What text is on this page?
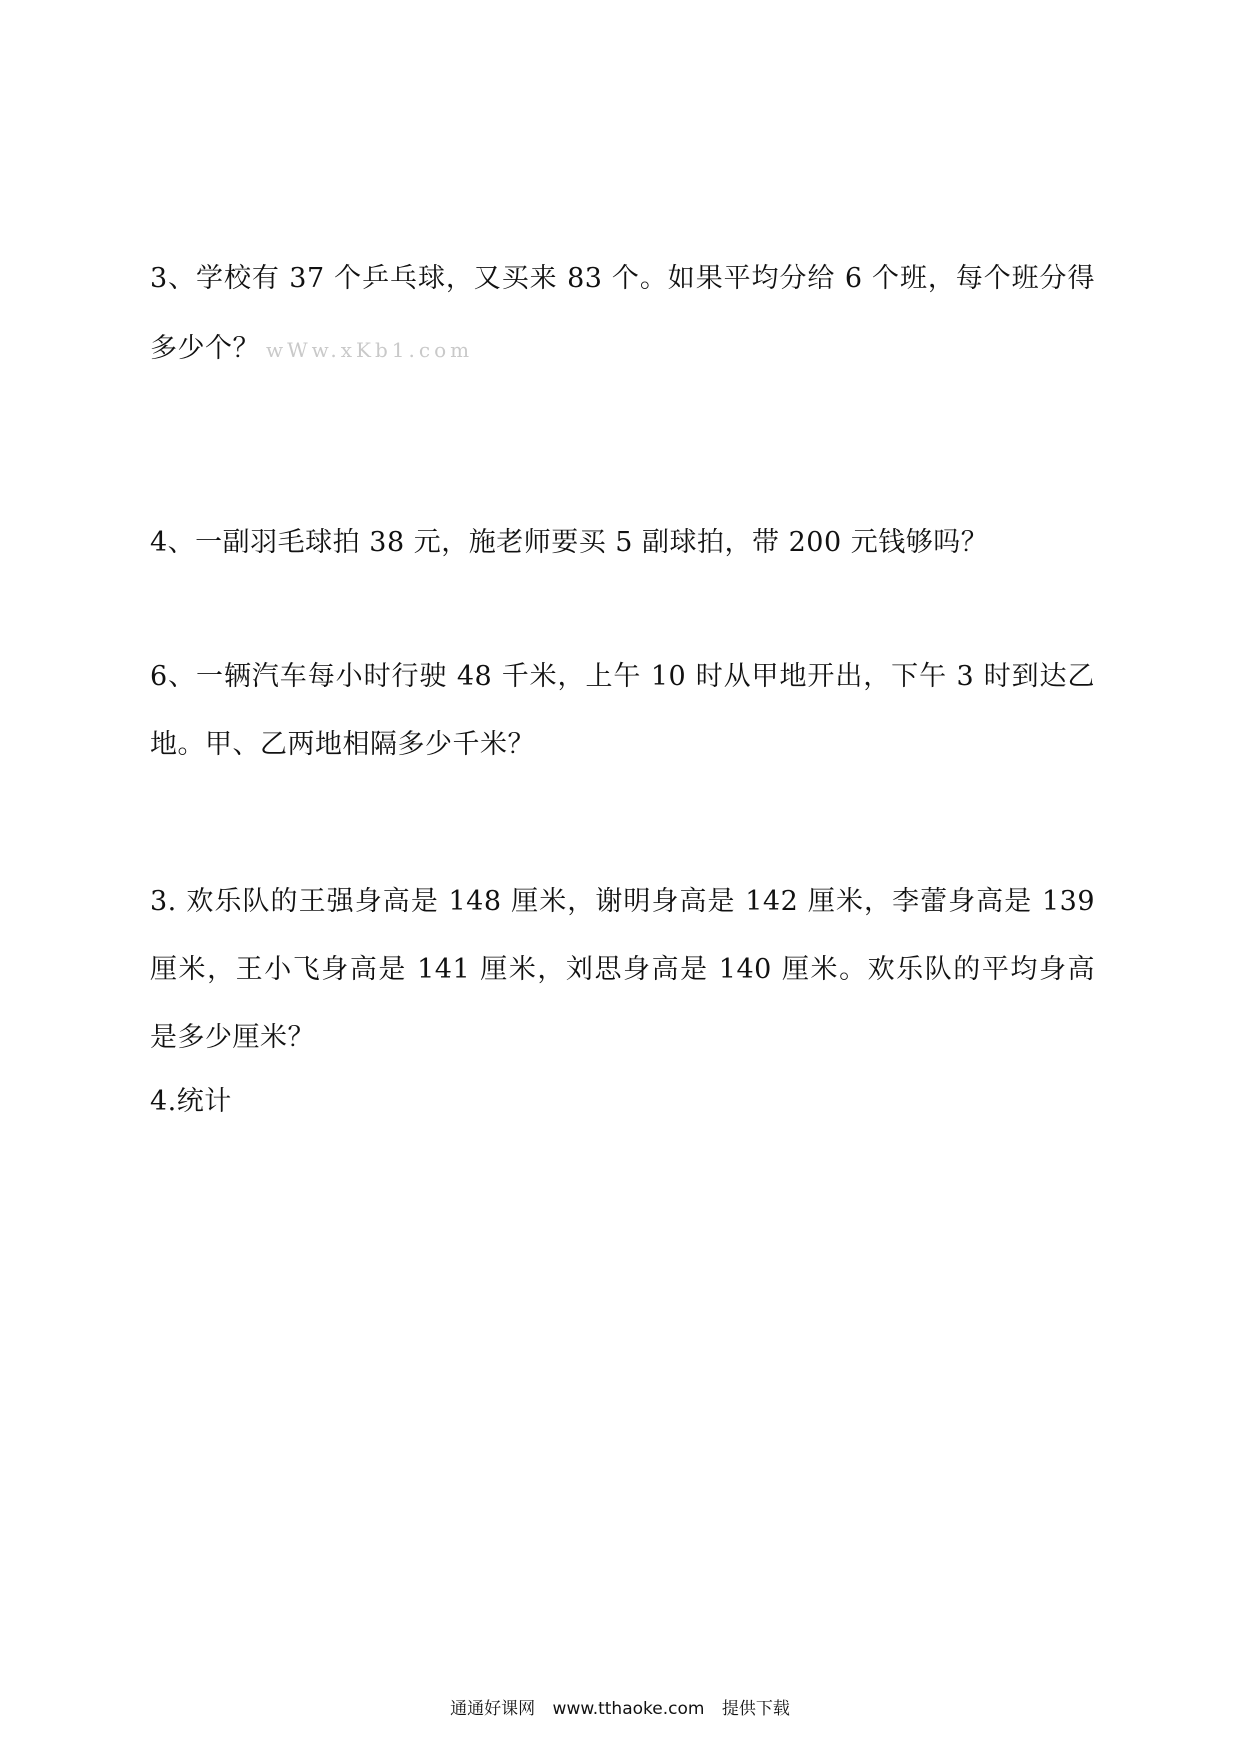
3、学校有 37 个乒乓球，又买来 83 个。如果平均分给 6 个班，每个班分得
多少个？ wWw.xKb1.com
4、一副羽毛球拍 38 元，施老师要买 5 副球拍，带 200 元钱够吗？
6、一辆汽车每小时行驶 48 千米，上午 10 时从甲地开出，下午 3 时到达乙
地。甲、乙两地相隔多少千米？
3. 欢乐队的王强身高是 148 厘米，谢明身高是 142 厘米，李蕾身高是 139
厘米，王小飞身高是 141 厘米，刘思身高是 140 厘米。欢乐队的平均身高
是多少厘米？
4.统计
通通好课网 www.tthaoke.com 提供下载
